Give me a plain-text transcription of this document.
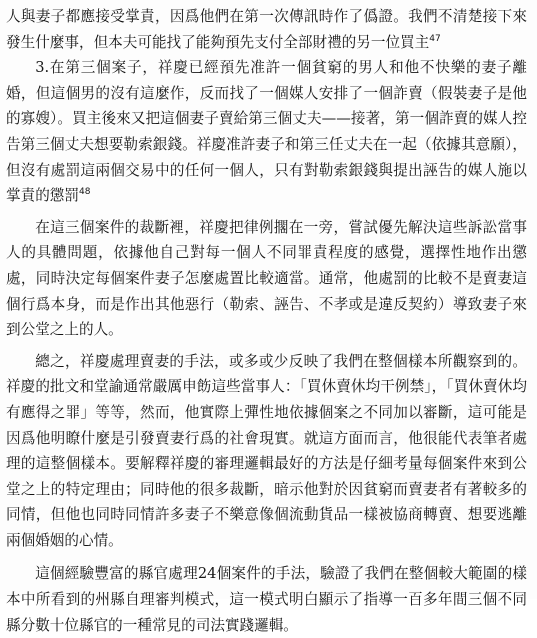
人與妻子都應接受掌責，因爲他們在第一次傳訊時作了僞證。我們不清楚接下來發生什麼事，但本夫可能找了能夠預先支付全部財禮的另一位買主$^{47}$

3.在第三個案子，祥慶已經預先准許一個貧窮的男人和他不快樂的妻子離婚，但這個男的沒有這麼作，反而找了一個媒人安排了一個詐賣（假裝妻子是他的寡嫂）。買主後來又把這個妻子賣給第三個丈夫——接著，第一個詐賣的媒人控告第三個丈夫想要勒索銀錢。祥慶准許妻子和第三任丈夫在一起（依據其意願），但沒有處罰這兩個交易中的任何一個人，只有對勒索銀錢與提出誣告的媒人施以掌責的懲罰$^{48}$

在這三個案件的裁斷裡，祥慶把律例擱在一旁，嘗試優先解決這些訴訟當事人的具體問題，依據他自己對每一個人不同罪責程度的感覺，選擇性地作出懲處，同時決定每個案件妻子怎麼處置比較適當。通常，他處罰的比較不是賣妻這個行爲本身，而是作出其他惡行（勒索、誣告、不孝或是違反契約）導致妻子來到公堂之上的人。

總之，祥慶處理賣妻的手法，或多或少反映了我們在整個樣本所觀察到的。祥慶的批文和堂諭通常嚴厲申飭這些當事人：「買休賣休均干例禁」，「買休賣休均有應得之罪」等等，然而，他實際上彈性地依據個案之不同加以審斷，這可能是因爲他明瞭什麼是引發賣妻行爲的社會現實。就這方面而言，他很能代表筆者處理的這整個樣本。要解釋祥慶的審理邏輯最好的方法是仔細考量每個案件來到公堂之上的特定理由；同時他的很多裁斷，暗示他對於因貧窮而賣妻者有著較多的同情，但他也同時同情許多妻子不樂意像個流動貨品一樣被協商轉賣、想要逃離兩個婚姻的心情。

這個經驗豐富的縣官處理24個案件的手法，驗證了我們在整個較大範圍的樣本中所看到的州縣自理審判模式，這一模式明白顯示了指導一百多年間三個不同縣分數十位縣官的一種常見的司法實踐邏輯。
